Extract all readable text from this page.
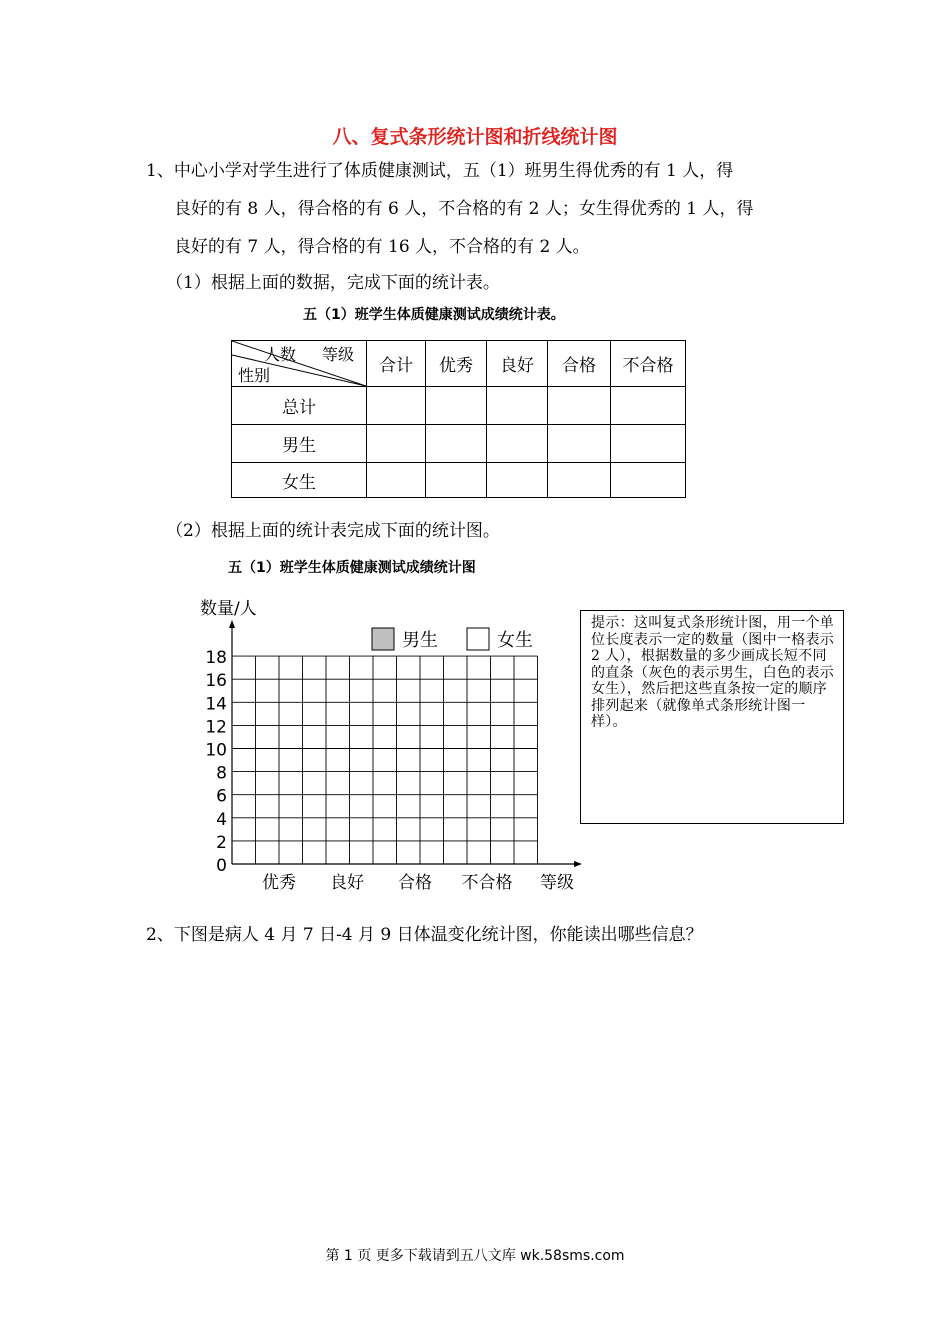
八、复式条形统计图和折线统计图
1、中心小学对学生进行了体质健康测试，五（1）班男生得优秀的有 1 人，得
良好的有 8 人，得合格的有 6 人，不合格的有 2 人；女生得优秀的 1 人，得
良好的有 7 人，得合格的有 16 人，不合格的有 2 人。
（1）根据上面的数据，完成下面的统计表。
五（1）班学生体质健康测试成绩统计表。
人数 等级
性别	合计	优秀	良好	合格	不合格
总计					
男生					
女生					
（2）根据上面的统计表完成下面的统计图。
五（1）班学生体质健康测试成绩统计图
数量/人
等级
0
2
4
6
8
10
12
14
16
18
优秀 良好 合格 不合格
男生	女生
提示：这叫复式条形统计图，用一个单位长度表示一定的数量（图中一格表示 2 人），根据数量的多少画成长短不同的直条（灰色的表示男生，白色的表示女生），然后把这些直条按一定的顺序排列起来（就像单式条形统计图一样）。
2、下图是病人 4 月 7 日-4 月 9 日体温变化统计图，你能读出哪些信息？
第 1 页 更多下载请到五八文库 wk.58sms.com
